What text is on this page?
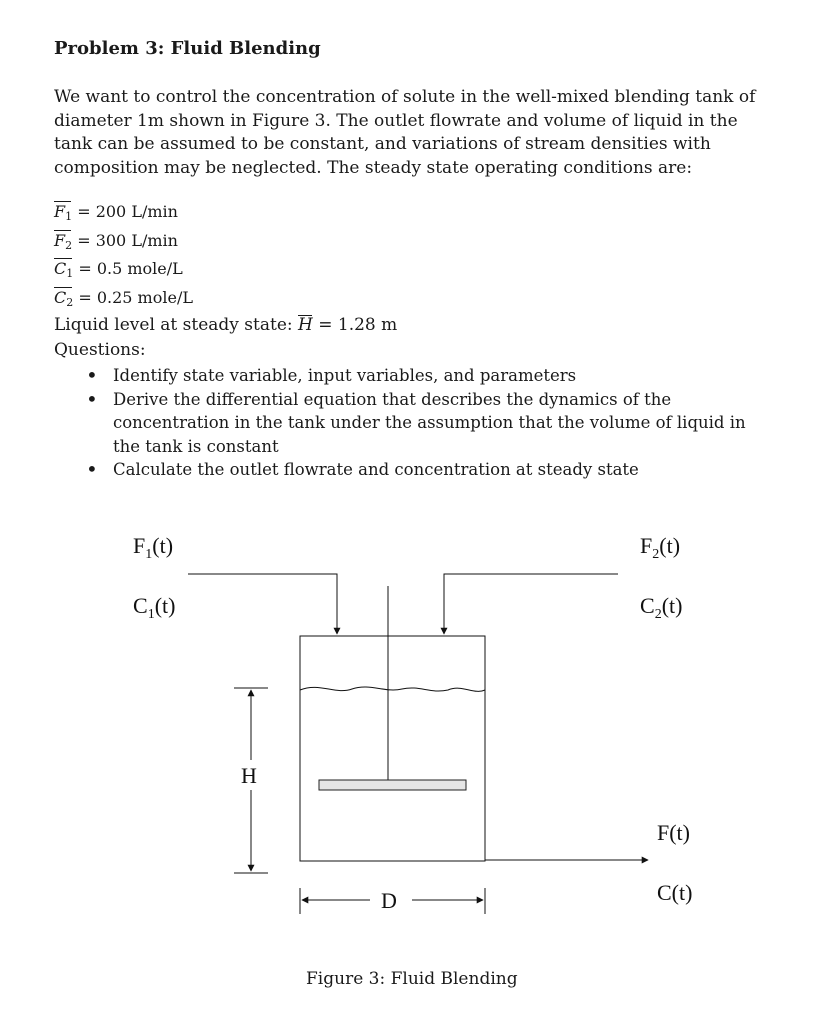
Problem 3: Fluid Blending

We want to control the concentration of solute in the well-mixed blending tank of diameter 1m shown in Figure 3. The outlet flowrate and volume of liquid in the tank can be assumed to be constant, and variations of stream densities with composition may be neglected. The steady state operating conditions are:

$F_1 = 200$ L/min
$F_2 = 300$ L/min
$C_1 = 0.5$ mole/L
$C_2 = 0.25$ mole/L
Liquid level at steady state: H = 1.28 m

Questions:

• Identify state variable, input variables, and parameters
• Derive the differential equation that describes the dynamics of the concentration in the tank under the assumption that the volume of liquid in the tank is constant
• Calculate the outlet flowrate and concentration at steady state
$F_1(t)$
$C_1(t)$
$F_2(t)$
$C_2(t)$
H
D
F(t)
C(t)

Figure 3: Fluid Blending
